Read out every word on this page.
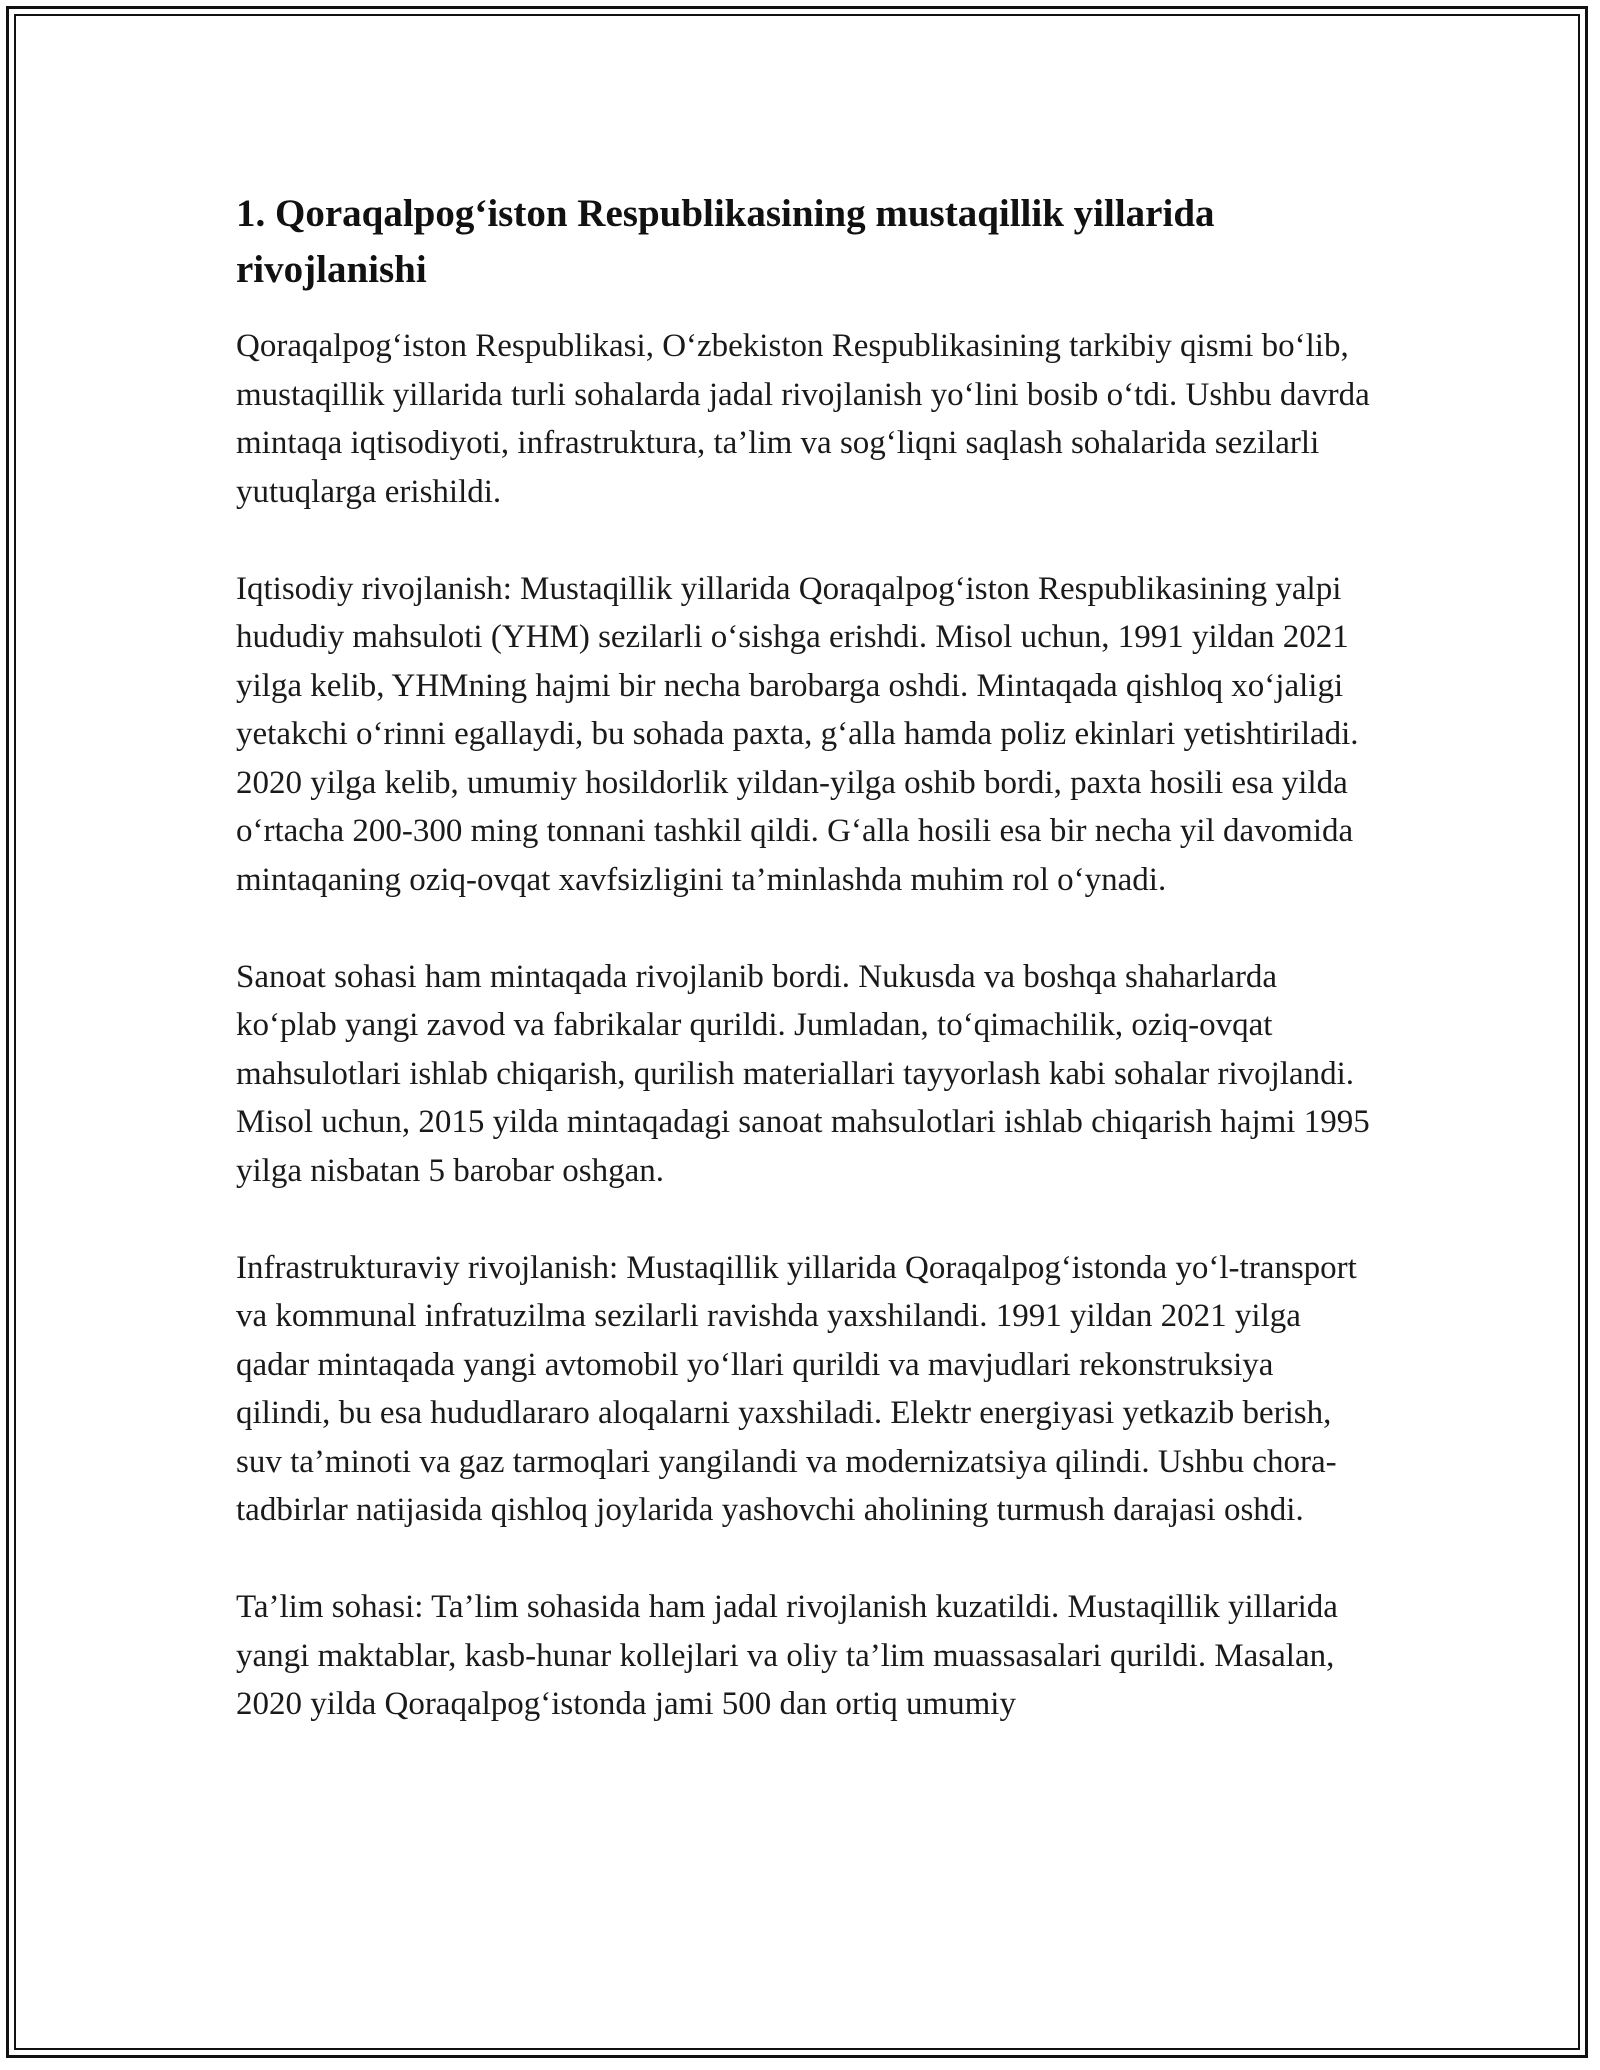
1. Qoraqalpog‘iston Respublikasining mustaqillik yillarida rivojlanishi

Qoraqalpog‘iston Respublikasi, O‘zbekiston Respublikasining tarkibiy qismi bo‘lib, mustaqillik yillarida turli sohalarda jadal rivojlanish yo‘lini bosib o‘tdi. Ushbu davrda mintaqa iqtisodiyoti, infrastruktura, ta’lim va sog‘liqni saqlash sohalarida sezilarli yutuqlarga erishildi.

Iqtisodiy rivojlanish: Mustaqillik yillarida Qoraqalpog‘iston Respublikasining yalpi hududiy mahsuloti (YHM) sezilarli o‘sishga erishdi. Misol uchun, 1991 yildan 2021 yilga kelib, YHMning hajmi bir necha barobarga oshdi. Mintaqada qishloq xo‘jaligi yetakchi o‘rinni egallaydi, bu sohada paxta, g‘alla hamda poliz ekinlari yetishtiriladi. 2020 yilga kelib, umumiy hosildorlik yildan-yilga oshib bordi, paxta hosili esa yilda o‘rtacha 200-300 ming tonnani tashkil qildi. G‘alla hosili esa bir necha yil davomida mintaqaning oziq-ovqat xavfsizligini ta’minlashda muhim rol o‘ynadi.

Sanoat sohasi ham mintaqada rivojlanib bordi. Nukusda va boshqa shaharlarda ko‘plab yangi zavod va fabrikalar qurildi. Jumladan, to‘qimachilik, oziq-ovqat mahsulotlari ishlab chiqarish, qurilish materiallari tayyorlash kabi sohalar rivojlandi. Misol uchun, 2015 yilda mintaqadagi sanoat mahsulotlari ishlab chiqarish hajmi 1995 yilga nisbatan 5 barobar oshgan.

Infrastrukturaviy rivojlanish: Mustaqillik yillarida Qoraqalpog‘istonda yo‘l-transport va kommunal infratuzilma sezilarli ravishda yaxshilandi. 1991 yildan 2021 yilga qadar mintaqada yangi avtomobil yo‘llari qurildi va mavjudlari rekonstruksiya qilindi, bu esa hududlararo aloqalarni yaxshiladi. Elektr energiyasi yetkazib berish, suv ta’minoti va gaz tarmoqlari yangilandi va modernizatsiya qilindi. Ushbu chora-tadbirlar natijasida qishloq joylarida yashovchi aholining turmush darajasi oshdi.

Ta’lim sohasi: Ta’lim sohasida ham jadal rivojlanish kuzatildi. Mustaqillik yillarida yangi maktablar, kasb-hunar kollejlari va oliy ta’lim muassasalari qurildi. Masalan, 2020 yilda Qoraqalpog‘istonda jami 500 dan ortiq umumiy
